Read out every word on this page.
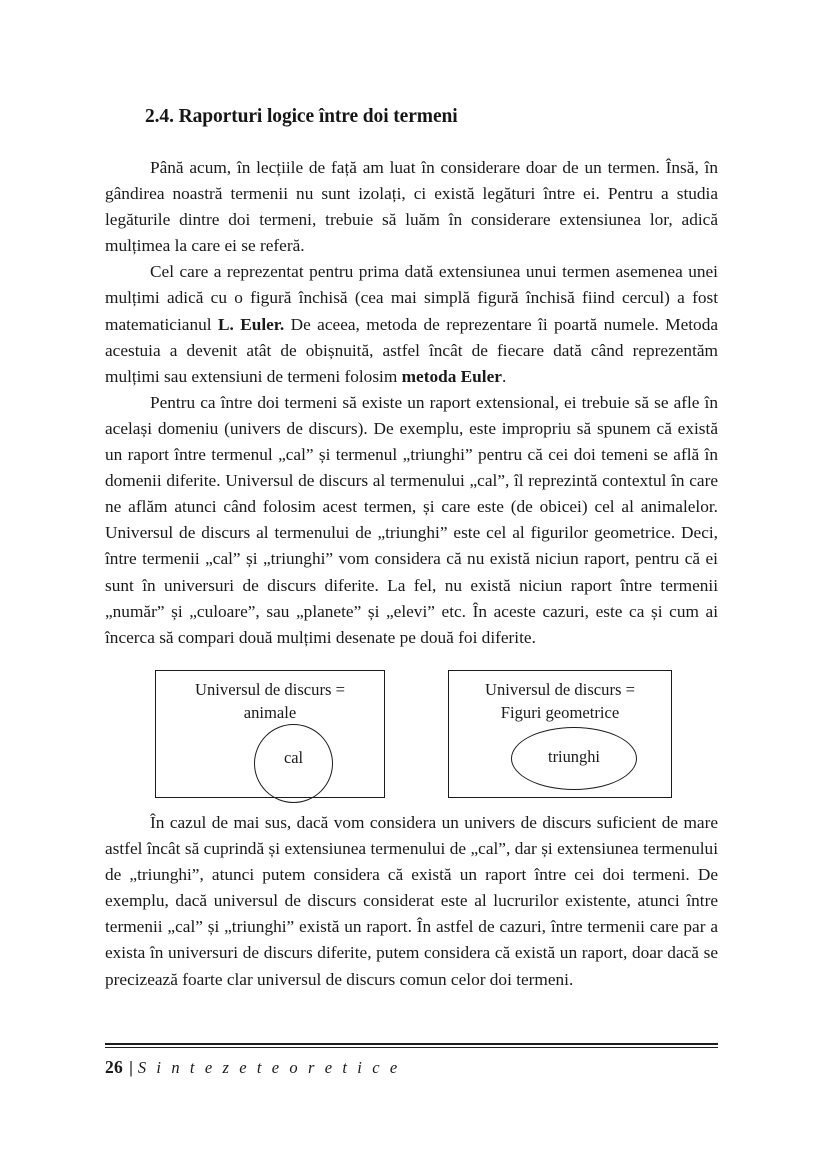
2.4. Raporturi logice între doi termeni

Până acum, în lecțiile de față am luat în considerare doar de un termen. Însă, în gândirea noastră termenii nu sunt izolați, ci există legături între ei. Pentru a studia legăturile dintre doi termeni, trebuie să luăm în considerare extensiunea lor, adică mulțimea la care ei se referă.

Cel care a reprezentat pentru prima dată extensiunea unui termen asemenea unei mulțimi adică cu o figură închisă (cea mai simplă figură închisă fiind cercul) a fost matematicianul L. Euler. De aceea, metoda de reprezentare îi poartă numele. Metoda acestuia a devenit atât de obișnuită, astfel încât de fiecare dată când reprezentăm mulțimi sau extensiuni de termeni folosim metoda Euler.

Pentru ca între doi termeni să existe un raport extensional, ei trebuie să se afle în același domeniu (univers de discurs). De exemplu, este impropriu să spunem că există un raport între termenul „cal” și termenul „triunghi” pentru că cei doi temeni se află în domenii diferite. Universul de discurs al termenului „cal”, îl reprezintă contextul în care ne aflăm atunci când folosim acest termen, și care este (de obicei) cel al animalelor. Universul de discurs al termenului de „triunghi” este cel al figurilor geometrice. Deci, între termenii „cal” și „triunghi” vom considera că nu există niciun raport, pentru că ei sunt în universuri de discurs diferite. La fel, nu există niciun raport între termenii „număr” și „culoare”, sau „planete” și „elevi” etc. În aceste cazuri, este ca și cum ai încerca să compari două mulțimi desenate pe două foi diferite.

Universul de discurs =
animale
cal
Universul de discurs =
Figuri geometrice
triunghi

În cazul de mai sus, dacă vom considera un univers de discurs suficient de mare astfel încât să cuprindă și extensiunea termenului de „cal”, dar și extensiunea termenului de „triunghi”, atunci putem considera că există un raport între cei doi termeni. De exemplu, dacă universul de discurs considerat este al lucrurilor existente, atunci între termenii „cal” și „triunghi” există un raport. În astfel de cazuri, între termenii care par a exista în universuri de discurs diferite, putem considera că există un raport, doar dacă se precizează foarte clar universul de discurs comun celor doi termeni.

26 | S i n t e z e t e o r e t i c e
